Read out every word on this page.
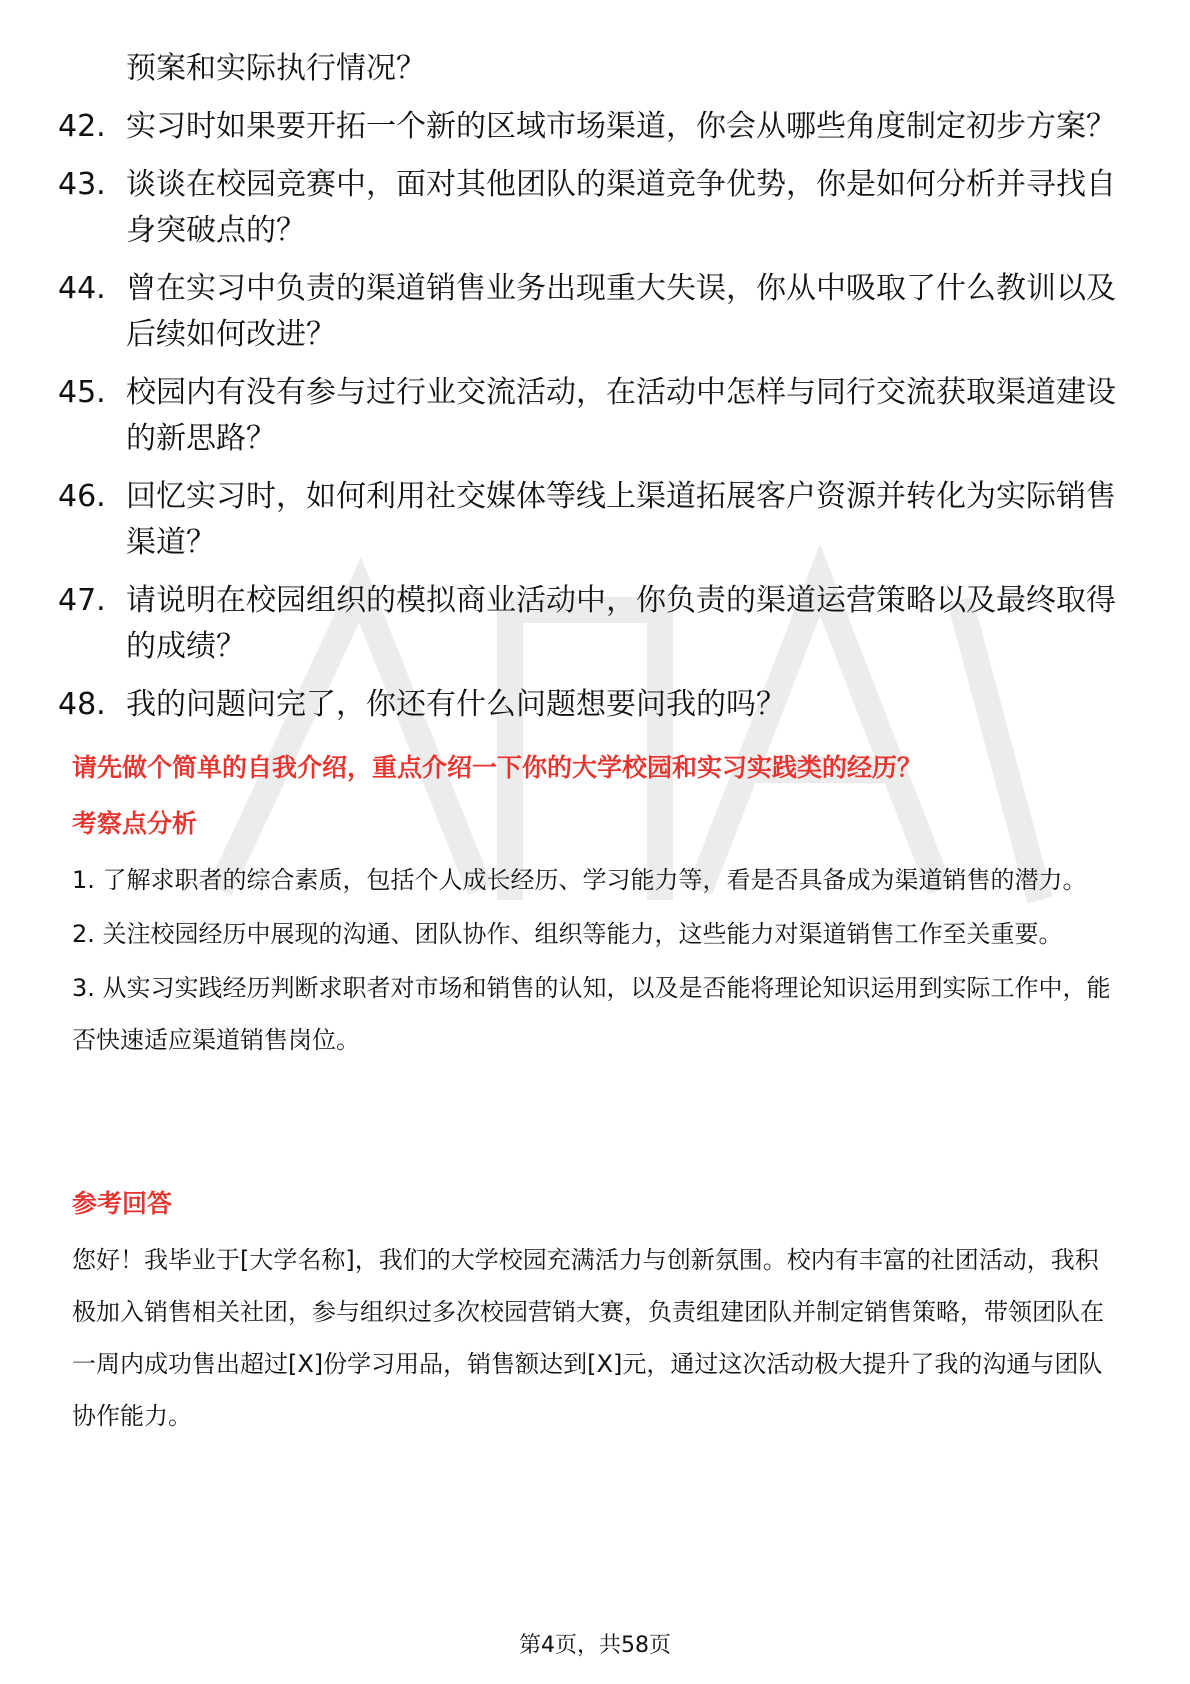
预案和实际执行情况？
42. 实习时如果要开拓一个新的区域市场渠道，你会从哪些角度制定初步方案？
43. 谈谈在校园竞赛中，面对其他团队的渠道竞争优势，你是如何分析并寻找自身突破点的？
44. 曾在实习中负责的渠道销售业务出现重大失误，你从中吸取了什么教训以及后续如何改进？
45. 校园内有没有参与过行业交流活动，在活动中怎样与同行交流获取渠道建设的新思路？
46. 回忆实习时，如何利用社交媒体等线上渠道拓展客户资源并转化为实际销售渠道？
47. 请说明在校园组织的模拟商业活动中，你负责的渠道运营策略以及最终取得的成绩？
48. 我的问题问完了，你还有什么问题想要问我的吗？
请先做个简单的自我介绍，重点介绍一下你的大学校园和实习实践类的经历？
考察点分析

1. 了解求职者的综合素质，包括个人成长经历、学习能力等，看是否具备成为渠道销售的潜力。

2. 关注校园经历中展现的沟通、团队协作、组织等能力，这些能力对渠道销售工作至关重要。

3. 从实习实践经历判断求职者对市场和销售的认知，以及是否能将理论知识运用到实际工作中，能否快速适应渠道销售岗位。

参考回答
您好！我毕业于[大学名称]，我们的大学校园充满活力与创新氛围。校内有丰富的社团活动，我积极加入销售相关社团，参与组织过多次校园营销大赛，负责组建团队并制定销售策略，带领团队在一周内成功售出超过[X]份学习用品，销售额达到[X]元，通过这次活动极大提升了我的沟通与团队协作能力。
第4页，共58页
